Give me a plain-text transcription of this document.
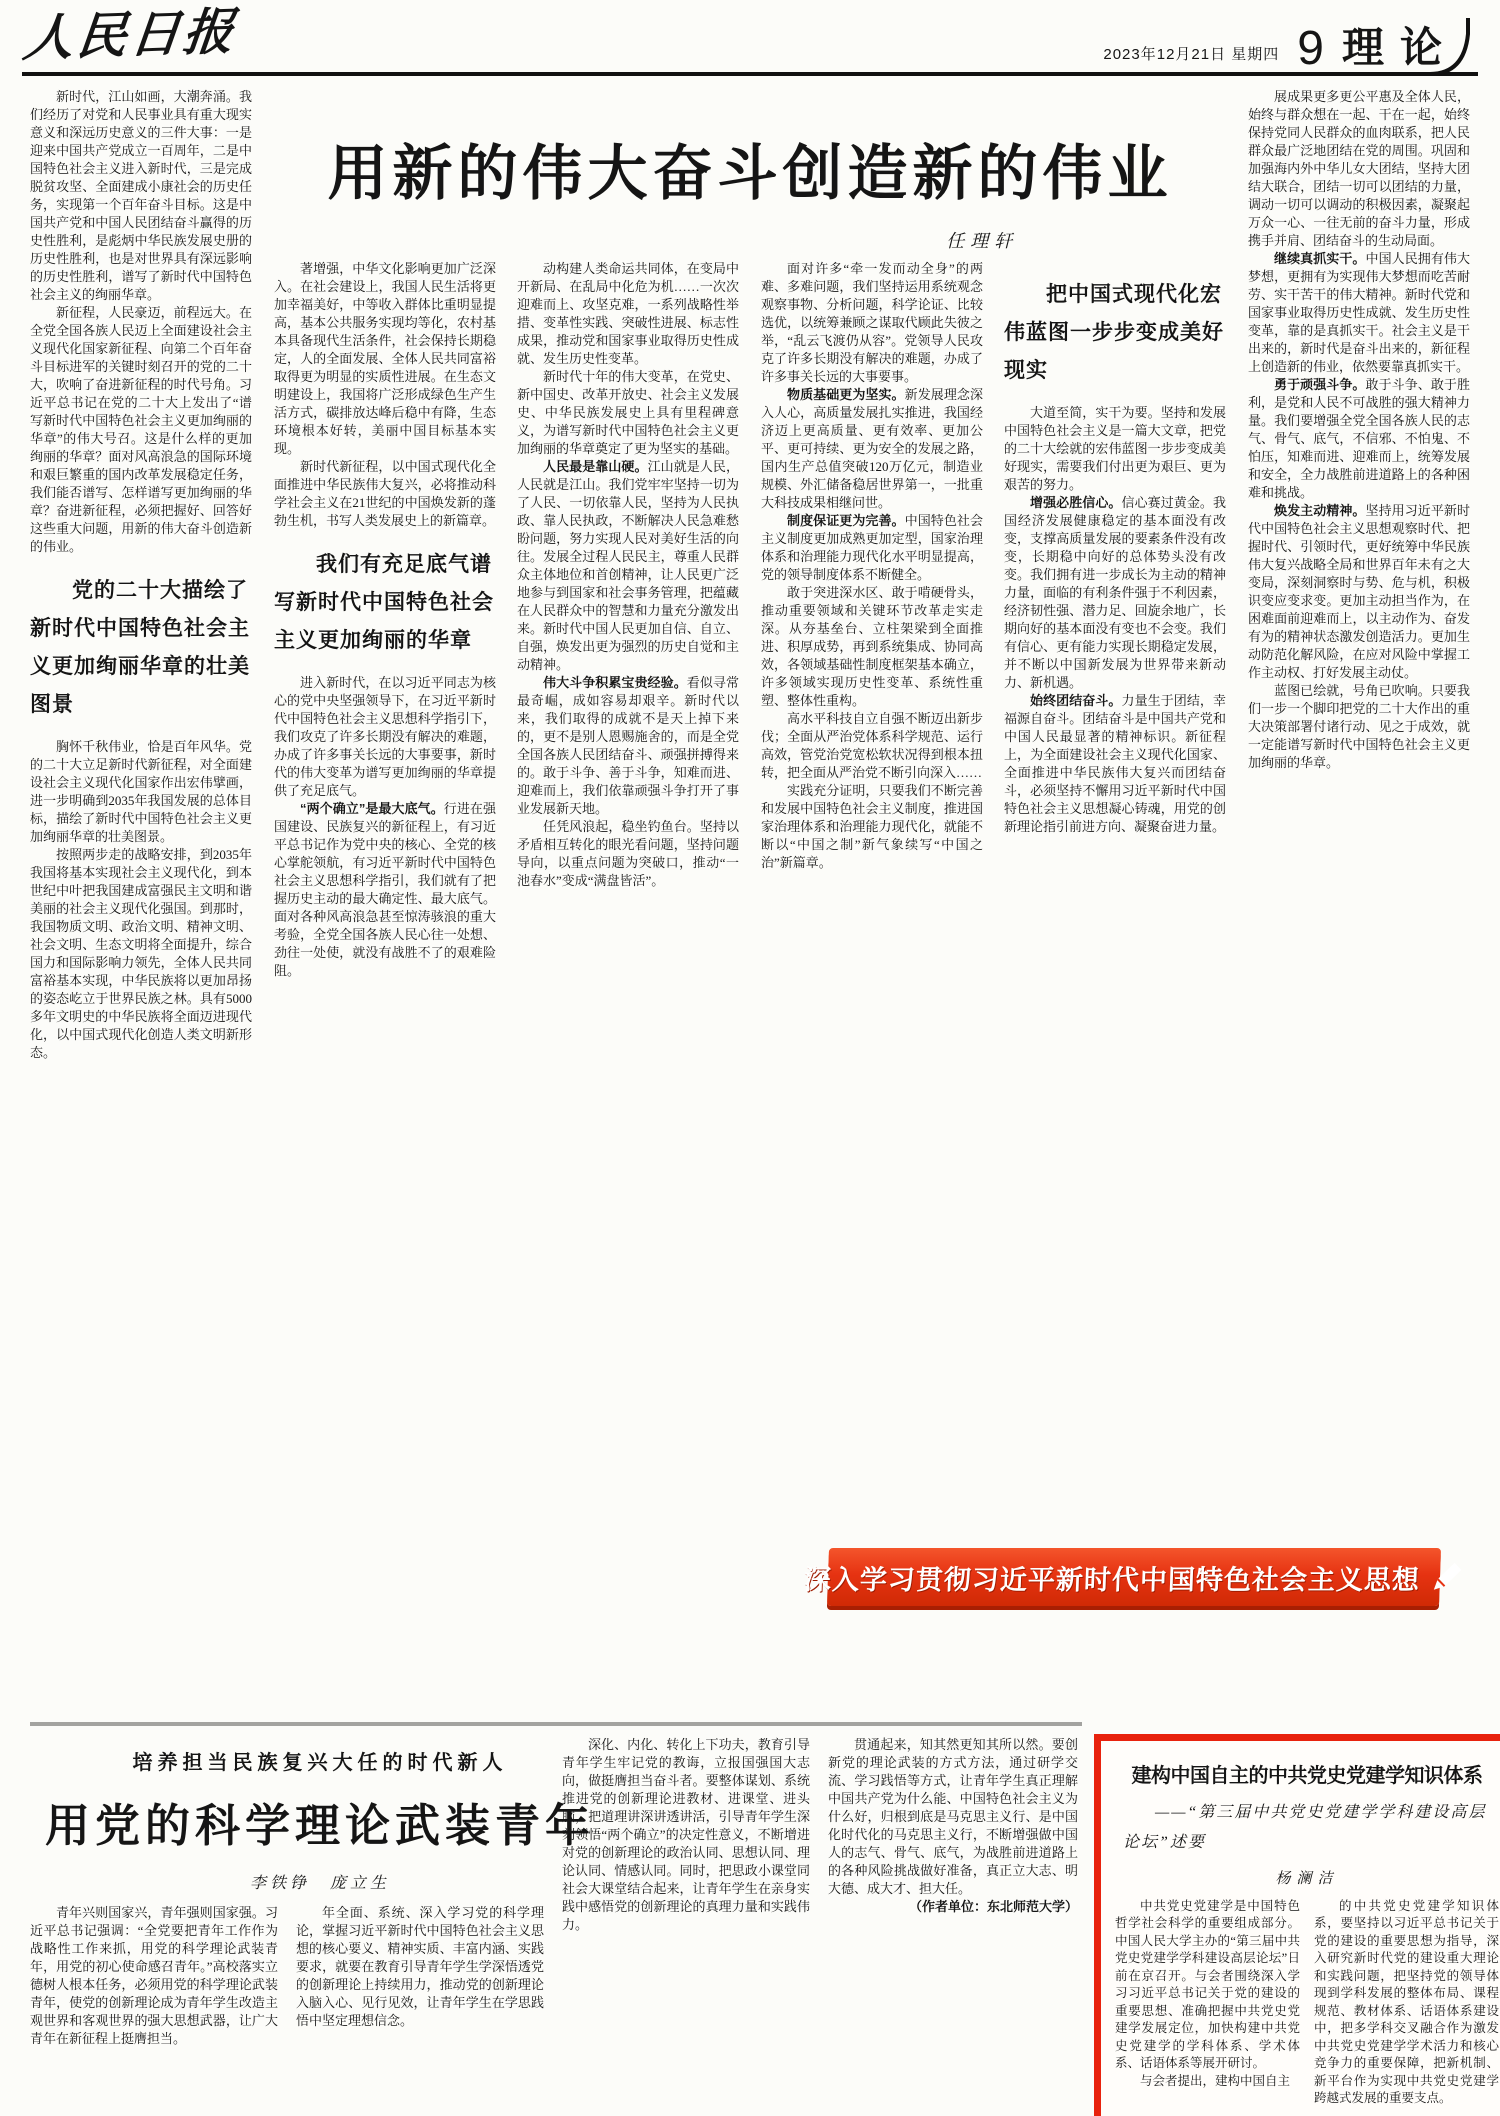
人民日报	2023年12月21日 星期四 9 理论
用新的伟大奋斗创造新的伟业
任理轩

新时代，江山如画，大潮奔涌。我们经历了对党和人民事业具有重大现实意义和深远历史意义的三件大事：一是迎来中国共产党成立一百周年，二是中国特色社会主义进入新时代，三是完成脱贫攻坚、全面建成小康社会的历史任务，实现第一个百年奋斗目标。这是中国共产党和中国人民团结奋斗赢得的历史性胜利，是彪炳中华民族发展史册的历史性胜利，也是对世界具有深远影响的历史性胜利，谱写了新时代中国特色社会主义的绚丽华章。

新征程，人民豪迈，前程远大。在全党全国各族人民迈上全面建设社会主义现代化国家新征程、向第二个百年奋斗目标进军的关键时刻召开的党的二十大，吹响了奋进新征程的时代号角。习近平总书记在党的二十大上发出了“谱写新时代中国特色社会主义更加绚丽的华章”的伟大号召。这是什么样的更加绚丽的华章？面对风高浪急的国际环境和艰巨繁重的国内改革发展稳定任务，我们能否谱写、怎样谱写更加绚丽的华章？奋进新征程，必须把握好、回答好这些重大问题，用新的伟大奋斗创造新的伟业。

党的二十大描绘了新时代中国特色社会主义更加绚丽华章的壮美图景

胸怀千秋伟业，恰是百年风华。党的二十大立足新时代新征程，对全面建设社会主义现代化国家作出宏伟擘画，进一步明确到2035年我国发展的总体目标，描绘了新时代中国特色社会主义更加绚丽华章的壮美图景。

按照两步走的战略安排，到2035年我国将基本实现社会主义现代化，到本世纪中叶把我国建成富强民主文明和谐美丽的社会主义现代化强国。到那时，我国物质文明、政治文明、精神文明、社会文明、生态文明将全面提升，综合国力和国际影响力领先，全体人民共同富裕基本实现，中华民族将以更加昂扬的姿态屹立于世界民族之林。具有5000多年文明史的中华民族将全面迈进现代化，以中国式现代化创造人类文明新形态。

著增强，中华文化影响更加广泛深入。在社会建设上，我国人民生活将更加幸福美好，中等收入群体比重明显提高，基本公共服务实现均等化，农村基本具备现代生活条件，社会保持长期稳定，人的全面发展、全体人民共同富裕取得更为明显的实质性进展。在生态文明建设上，我国将广泛形成绿色生产生活方式，碳排放达峰后稳中有降，生态环境根本好转，美丽中国目标基本实现。

新时代新征程，以中国式现代化全面推进中华民族伟大复兴，必将推动科学社会主义在21世纪的中国焕发新的蓬勃生机，书写人类发展史上的新篇章。

我们有充足底气谱写新时代中国特色社会主义更加绚丽的华章

进入新时代，在以习近平同志为核心的党中央坚强领导下，在习近平新时代中国特色社会主义思想科学指引下，我们攻克了许多长期没有解决的难题，办成了许多事关长远的大事要事，新时代的伟大变革为谱写更加绚丽的华章提供了充足底气。

“两个确立”是最大底气。行进在强国建设、民族复兴的新征程上，有习近平总书记作为党中央的核心、全党的核心掌舵领航，有习近平新时代中国特色社会主义思想科学指引，我们就有了把握历史主动的最大确定性、最大底气。面对各种风高浪急甚至惊涛骇浪的重大考验，全党全国各族人民心往一处想、劲往一处使，就没有战胜不了的艰难险阻。

动构建人类命运共同体，在变局中开新局、在乱局中化危为机……一次次迎难而上、攻坚克难，一系列战略性举措、变革性实践、突破性进展、标志性成果，推动党和国家事业取得历史性成就、发生历史性变革。

新时代十年的伟大变革，在党史、新中国史、改革开放史、社会主义发展史、中华民族发展史上具有里程碑意义，为谱写新时代中国特色社会主义更加绚丽的华章奠定了更为坚实的基础。

人民最是靠山硬。江山就是人民，人民就是江山。我们党牢牢坚持一切为了人民、一切依靠人民，坚持为人民执政、靠人民执政，不断解决人民急难愁盼问题，努力实现人民对美好生活的向往。发展全过程人民民主，尊重人民群众主体地位和首创精神，让人民更广泛地参与到国家和社会事务管理，把蕴藏在人民群众中的智慧和力量充分激发出来。新时代中国人民更加自信、自立、自强，焕发出更为强烈的历史自觉和主动精神。

伟大斗争积累宝贵经验。看似寻常最奇崛，成如容易却艰辛。新时代以来，我们取得的成就不是天上掉下来的，更不是别人恩赐施舍的，而是全党全国各族人民团结奋斗、顽强拼搏得来的。敢于斗争、善于斗争，知难而进、迎难而上，我们依靠顽强斗争打开了事业发展新天地。

任凭风浪起，稳坐钓鱼台。坚持以矛盾相互转化的眼光看问题，坚持问题导向，以重点问题为突破口，推动“一池春水”变成“满盘皆活”。

面对许多“牵一发而动全身”的两难、多难问题，我们坚持运用系统观念观察事物、分析问题，科学论证、比较选优，以统筹兼顾之谋取代顾此失彼之举，“乱云飞渡仍从容”。党领导人民攻克了许多长期没有解决的难题，办成了许多事关长远的大事要事。

物质基础更为坚实。新发展理念深入人心，高质量发展扎实推进，我国经济迈上更高质量、更有效率、更加公平、更可持续、更为安全的发展之路，国内生产总值突破120万亿元，制造业规模、外汇储备稳居世界第一，一批重大科技成果相继问世。

制度保证更为完善。中国特色社会主义制度更加成熟更加定型，国家治理体系和治理能力现代化水平明显提高，党的领导制度体系不断健全。

敢于突进深水区、敢于啃硬骨头，推动重要领域和关键环节改革走实走深。从夯基垒台、立柱架梁到全面推进、积厚成势，再到系统集成、协同高效，各领域基础性制度框架基本确立，许多领域实现历史性变革、系统性重塑、整体性重构。

高水平科技自立自强不断迈出新步伐；全面从严治党体系科学规范、运行高效，管党治党宽松软状况得到根本扭转，把全面从严治党不断引向深入……

实践充分证明，只要我们不断完善和发展中国特色社会主义制度，推进国家治理体系和治理能力现代化，就能不断以“中国之制”新气象续写“中国之治”新篇章。

把中国式现代化宏伟蓝图一步步变成美好现实

大道至简，实干为要。坚持和发展中国特色社会主义是一篇大文章，把党的二十大绘就的宏伟蓝图一步步变成美好现实，需要我们付出更为艰巨、更为艰苦的努力。

增强必胜信心。信心赛过黄金。我国经济发展健康稳定的基本面没有改变，支撑高质量发展的要素条件没有改变，长期稳中向好的总体势头没有改变。我们拥有进一步成长为主动的精神力量，面临的有利条件强于不利因素，经济韧性强、潜力足、回旋余地广，长期向好的基本面没有变也不会变。我们有信心、更有能力实现长期稳定发展，并不断以中国新发展为世界带来新动力、新机遇。

始终团结奋斗。力量生于团结，幸福源自奋斗。团结奋斗是中国共产党和中国人民最显著的精神标识。新征程上，为全面建设社会主义现代化国家、全面推进中华民族伟大复兴而团结奋斗，必须坚持不懈用习近平新时代中国特色社会主义思想凝心铸魂，用党的创新理论指引前进方向、凝聚奋进力量。

展成果更多更公平惠及全体人民，始终与群众想在一起、干在一起，始终保持党同人民群众的血肉联系，把人民群众最广泛地团结在党的周围。巩固和加强海内外中华儿女大团结，坚持大团结大联合，团结一切可以团结的力量，调动一切可以调动的积极因素，凝聚起万众一心、一往无前的奋斗力量，形成携手并肩、团结奋斗的生动局面。

继续真抓实干。中国人民拥有伟大梦想，更拥有为实现伟大梦想而吃苦耐劳、实干苦干的伟大精神。新时代党和国家事业取得历史性成就、发生历史性变革，靠的是真抓实干。社会主义是干出来的，新时代是奋斗出来的，新征程上创造新的伟业，依然要靠真抓实干。

勇于顽强斗争。敢于斗争、敢于胜利，是党和人民不可战胜的强大精神力量。我们要增强全党全国各族人民的志气、骨气、底气，不信邪、不怕鬼、不怕压，知难而进、迎难而上，统筹发展和安全，全力战胜前进道路上的各种困难和挑战。

焕发主动精神。坚持用习近平新时代中国特色社会主义思想观察时代、把握时代、引领时代，更好统筹中华民族伟大复兴战略全局和世界百年未有之大变局，深刻洞察时与势、危与机，积极识变应变求变。更加主动担当作为，在困难面前迎难而上，以主动作为、奋发有为的精神状态激发创造活力。更加生动防范化解风险，在应对风险中掌握工作主动权、打好发展主动仗。

蓝图已绘就，号角已吹响。只要我们一步一个脚印把党的二十大作出的重大决策部署付诸行动、见之于成效，就一定能谱写新时代中国特色社会主义更加绚丽的华章。

深入学习贯彻习近平新时代中国特色社会主义思想
培养担当民族复兴大任的时代新人
用党的科学理论武装青年
李铁铮　庞立生

青年兴则国家兴，青年强则国家强。习近平总书记强调：“全党要把青年工作作为战略性工作来抓，用党的科学理论武装青年，用党的初心使命感召青年。”高校落实立德树人根本任务，必须用党的科学理论武装青年，使党的创新理论成为青年学生改造主观世界和客观世界的强大思想武器，让广大青年在新征程上挺膺担当。

年全面、系统、深入学习党的科学理论，掌握习近平新时代中国特色社会主义思想的核心要义、精神实质、丰富内涵、实践要求，就要在教育引导青年学生学深悟透党的创新理论上持续用力，推动党的创新理论入脑入心、见行见效，让青年学生在学思践悟中坚定理想信念。

深化、内化、转化上下功夫，教育引导青年学生牢记党的教诲，立报国强国大志向，做挺膺担当奋斗者。要整体谋划、系统推进党的创新理论进教材、进课堂、进头脑，把道理讲深讲透讲活，引导青年学生深刻领悟“两个确立”的决定性意义，不断增进对党的创新理论的政治认同、思想认同、理论认同、情感认同。同时，把思政小课堂同社会大课堂结合起来，让青年学生在亲身实践中感悟党的创新理论的真理力量和实践伟力。

贯通起来，知其然更知其所以然。要创新党的理论武装的方式方法，通过研学交流、学习践悟等方式，让青年学生真正理解中国共产党为什么能、中国特色社会主义为什么好，归根到底是马克思主义行、是中国化时代化的马克思主义行，不断增强做中国人的志气、骨气、底气，为战胜前进道路上的各种风险挑战做好准备，真正立大志、明大德、成大才、担大任。

（作者单位：东北师范大学）

建构中国自主的中共党史党建学知识体系
——“第三届中共党史党建学学科建设高层论坛”述要
杨澜洁

中共党史党建学是中国特色哲学社会科学的重要组成部分。中国人民大学主办的“第三届中共党史党建学学科建设高层论坛”日前在京召开。与会者围绕深入学习习近平总书记关于党的建设的重要思想、准确把握中共党史党建学发展定位，加快构建中共党史党建学的学科体系、学术体系、话语体系等展开研讨。

与会者提出，建构中国自主

的中共党史党建学知识体系，要坚持以习近平总书记关于党的建设的重要思想为指导，深入研究新时代党的建设重大理论和实践问题，把坚持党的领导体现到学科发展的整体布局、课程规范、教材体系、话语体系建设中，把多学科交叉融合作为激发中共党史党建学学术活力和核心竞争力的重要保障，把新机制、新平台作为实现中共党史党建学跨越式发展的重要支点。
